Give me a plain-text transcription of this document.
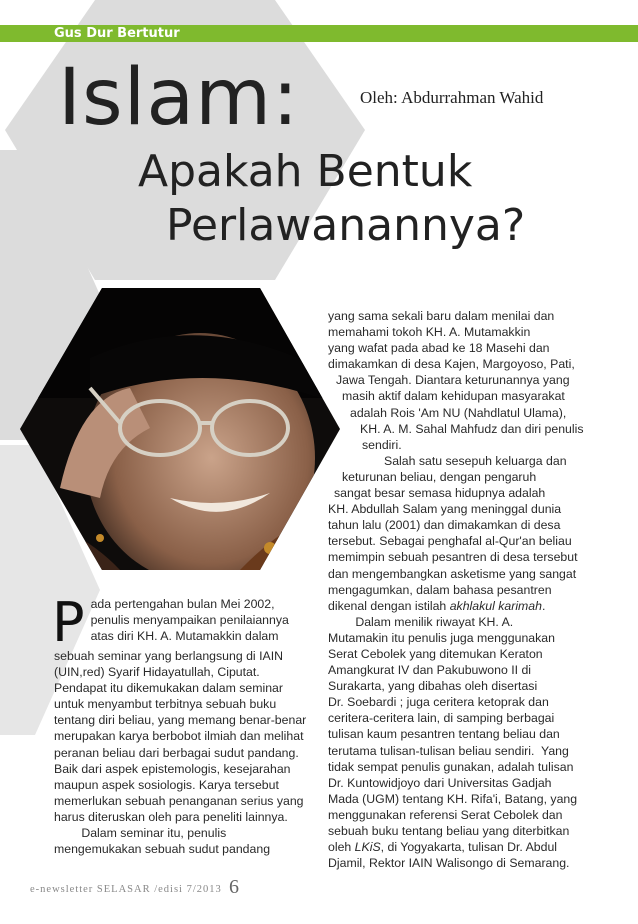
Gus Dur Bertutur
Islam:	Oleh: Abdurrahman Wahid
Apakah Bentuk
Perlawanannya?
P ada pertengahan bulan Mei 2002,
penulis menyampaikan penilaiannya
atas diri KH. A. Mutamakkin dalam
sebuah seminar yang berlangsung di IAIN
(UIN,red) Syarif Hidayatullah, Ciputat.
Pendapat itu dikemukakan dalam seminar
untuk menyambut terbitnya sebuah buku
tentang diri beliau, yang memang benar-benar
merupakan karya berbobot ilmiah dan melihat
peranan beliau dari berbagai sudut pandang.
Baik dari aspek epistemologis, kesejarahan
maupun aspek sosiologis. Karya tersebut
memerlukan sebuah penanganan serius yang
harus diteruskan oleh para peneliti lainnya.
Dalam seminar itu, penulis
mengemukakan sebuah sudut pandang
yang sama sekali baru dalam menilai dan
memahami tokoh KH. A. Mutamakkin
yang wafat pada abad ke 18 Masehi dan
dimakamkan di desa Kajen, Margoyoso, Pati,
Jawa Tengah. Diantara keturunannya yang
masih aktif dalam kehidupan masyarakat
adalah Rois 'Am NU (Nahdlatul Ulama),
KH. A. M. Sahal Mahfudz dan diri penulis
sendiri.
Salah satu sesepuh keluarga dan
keturunan beliau, dengan pengaruh
sangat besar semasa hidupnya adalah
KH. Abdullah Salam yang meninggal dunia
tahun lalu (2001) dan dimakamkan di desa
tersebut. Sebagai penghafal al-Qur'an beliau
memimpin sebuah pesantren di desa tersebut
dan mengembangkan asketisme yang sangat
mengagumkan, dalam bahasa pesantren
dikenal dengan istilah akhlakul karimah.
Dalam menilik riwayat KH. A.
Mutamakin itu penulis juga menggunakan
Serat Cebolek yang ditemukan Keraton
Amangkurat IV dan Pakubuwono II di
Surakarta, yang dibahas oleh disertasi
Dr. Soebardi ; juga ceritera ketoprak dan
ceritera-ceritera lain, di samping berbagai
tulisan kaum pesantren tentang beliau dan
terutama tulisan-tulisan beliau sendiri.  Yang
tidak sempat penulis gunakan, adalah tulisan
Dr. Kuntowidjoyo dari Universitas Gadjah
Mada (UGM) tentang KH. Rifa'i, Batang, yang
menggunakan referensi Serat Cebolek dan
sebuah buku tentang beliau yang diterbitkan
oleh LKiS, di Yogyakarta, tulisan Dr. Abdul
Djamil, Rektor IAIN Walisongo di Semarang.
e-newsletter SELASAR /edisi 7/2013 6
